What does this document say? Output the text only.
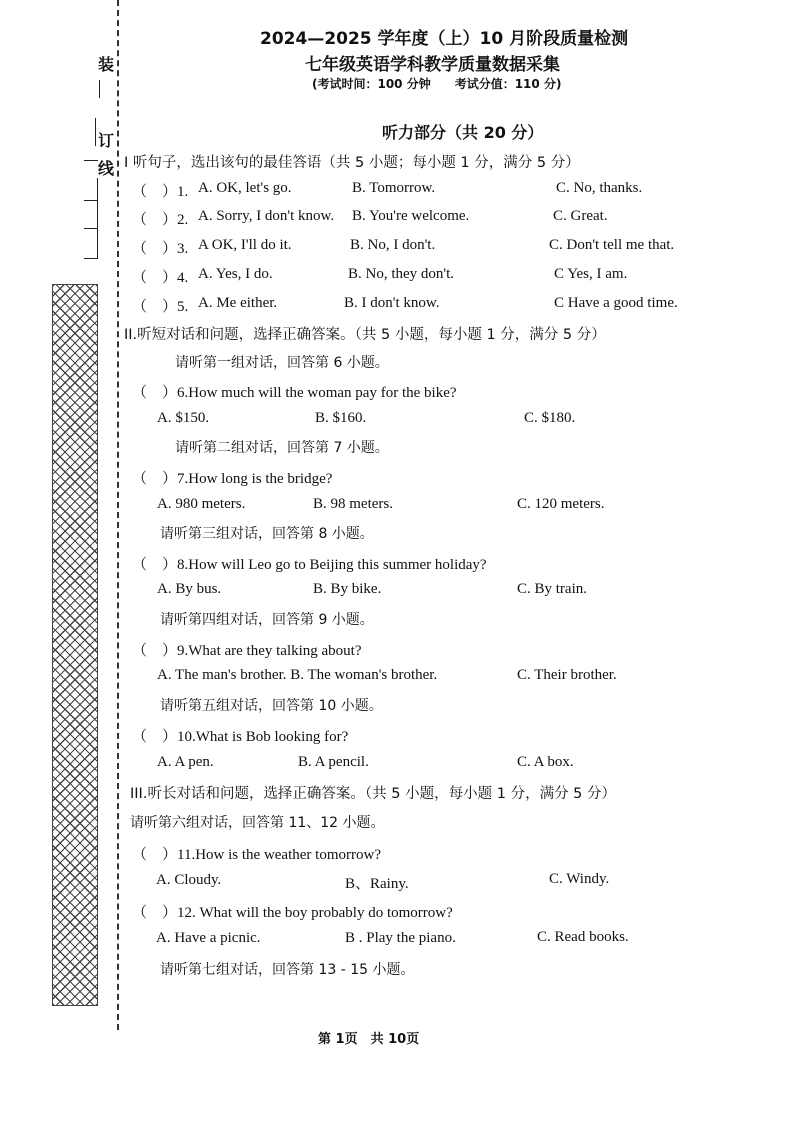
装
订
线
2024—2025 学年度（上）10 月阶段质量检测
七年级英语学科教学质量数据采集
(考试时间：100 分钟　　考试分值：110 分)
听力部分（共 20 分）
I 听句子，选出该句的最佳答语（共 5 小题；每小题 1 分，满分 5 分）
（　）1. A. OK, let's go.	B. Tomorrow.	C. No, thanks.
（　）2. A. Sorry, I don't know. B. You're welcome.	C. Great.
（　）3. A OK, I'll do it.	B. No, I don't.	C. Don't tell me that.
（　）4. A. Yes, I do.	B. No, they don't.	C Yes, I am.
（　）5. A. Me either.	B. I don't know.	C Have a good time.
II.听短对话和问题，选择正确答案。（共 5 小题，每小题 1 分，满分 5 分）
请听第一组对话，回答第 6 小题。
（　）6.How much will the woman pay for the bike?
A. $150.	B. $160.	C. $180.
请听第二组对话，回答第 7 小题。
（　）7.How long is the bridge?
A. 980 meters.	B. 98 meters.	C. 120 meters.
请听第三组对话，回答第 8 小题。
（　）8.How will Leo go to Beijing this summer holiday?
A. By bus.	B. By bike.	C. By train.
请听第四组对话，回答第 9 小题。
（　）9.What are they talking about?
A. The man's brother. B. The woman's brother.	C. Their brother.
请听第五组对话，回答第 10 小题。
（　）10.What is Bob looking for?
A. A pen.	B. A pencil.	C. A box.
III.听长对话和问题，选择正确答案。（共 5 小题，每小题 1 分，满分 5 分）
请听第六组对话，回答第 11、12 小题。
（　）11.How is the weather tomorrow?
A. Cloudy.	B、Rainy.	C. Windy.
（　）12. What will the boy probably do tomorrow?
A. Have a picnic.	B . Play the piano.	C. Read books.
请听第七组对话，回答第 13 - 15 小题。
第 1页　共 10页
